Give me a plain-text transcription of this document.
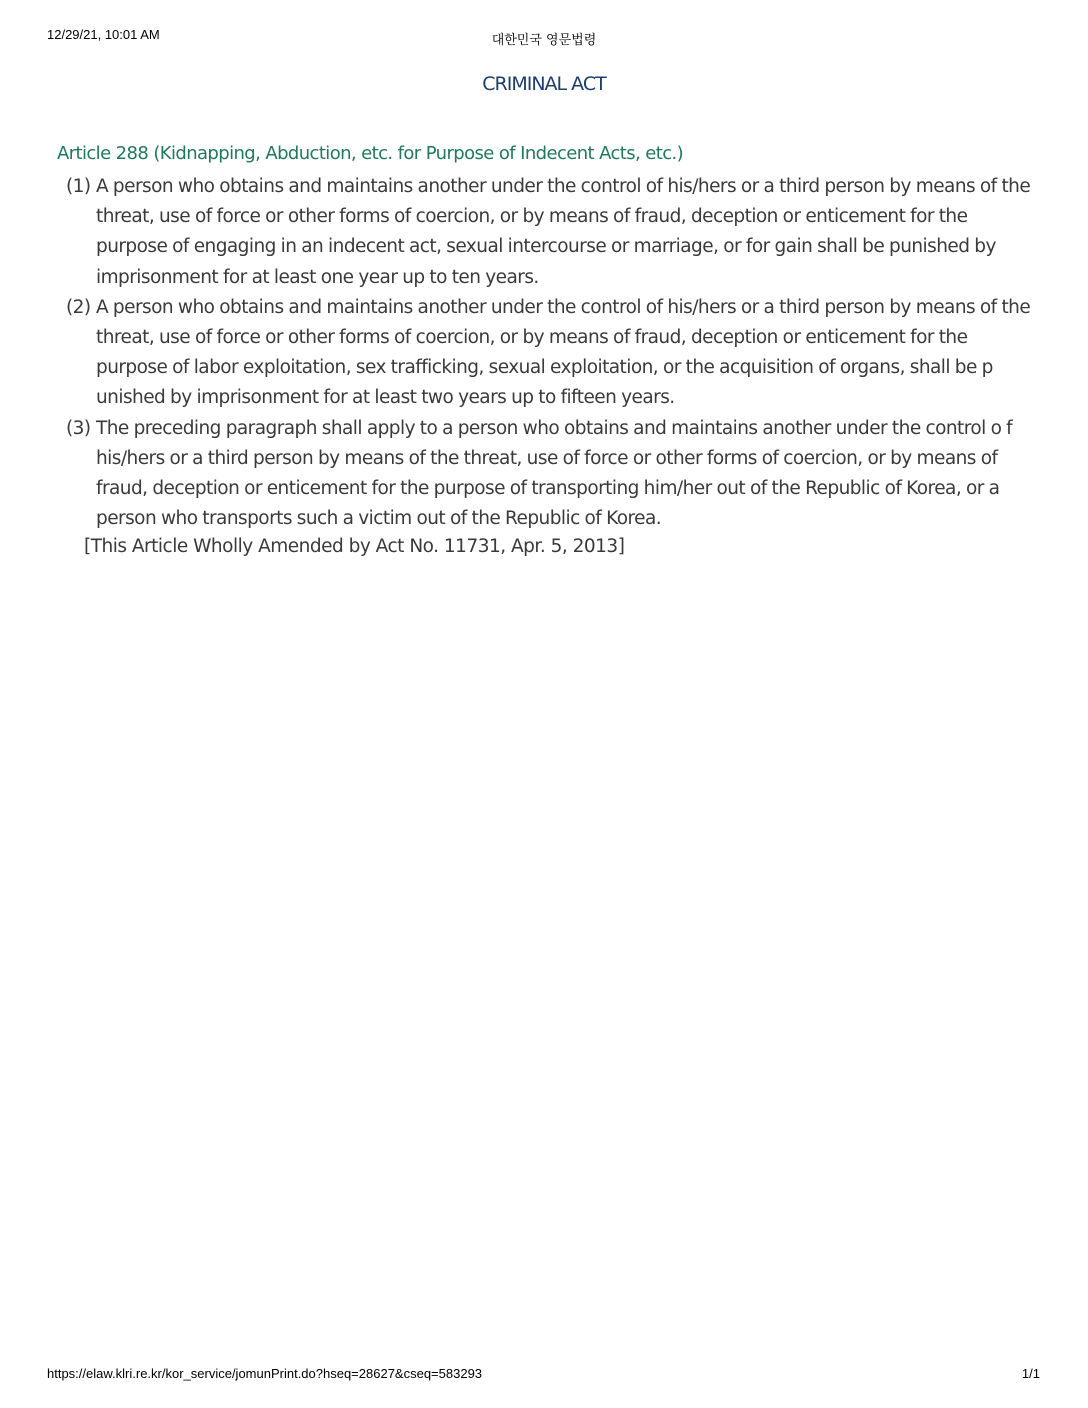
12/29/21, 10:01 AM	대한민국 영문법령
CRIMINAL ACT
Article 288 (Kidnapping, Abduction, etc. for Purpose of Indecent Acts, etc.)
(1) A person who obtains and maintains another under the control of his/hers or a third person by means of the threat, use of force or other forms of coercion, or by means of fraud, deception or enticement for the purpose of engaging in an indecent act, sexual intercourse or marriage, or for gain shall be punished by imprisonment for at least one year up to ten years.
(2) A person who obtains and maintains another under the control of his/hers or a third person by means of the threat, use of force or other forms of coercion, or by means of fraud, deception or enticement for the purpose of labor exploitation, sex trafficking, sexual exploitation, or the acquisition of organs, shall be p unished by imprisonment for at least two years up to fifteen years.
(3) The preceding paragraph shall apply to a person who obtains and maintains another under the control o f his/hers or a third person by means of the threat, use of force or other forms of coercion, or by means of fraud, deception or enticement for the purpose of transporting him/her out of the Republic of Korea, or a person who transports such a victim out of the Republic of Korea.
[This Article Wholly Amended by Act No. 11731, Apr. 5, 2013]
https://elaw.klri.re.kr/kor_service/jomunPrint.do?hseq=28627&cseq=583293	1/1
